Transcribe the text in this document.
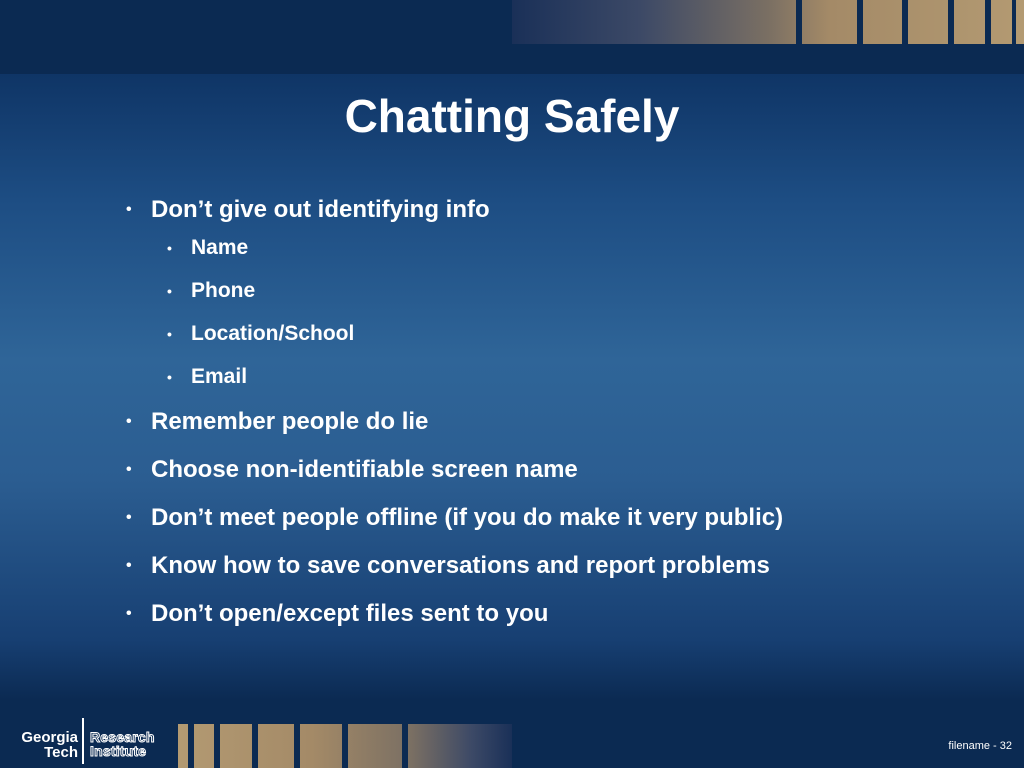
Chatting Safely
• Don’t give out identifying info
• Name
• Phone
• Location/School
• Email
• Remember people do lie
• Choose non-identifiable screen name
• Don’t meet people offline (if you do make it very public)
• Know how to save conversations and report problems
• Don’t open/except files sent to you
Georgia
Tech
Research
Institute	filename - 32
